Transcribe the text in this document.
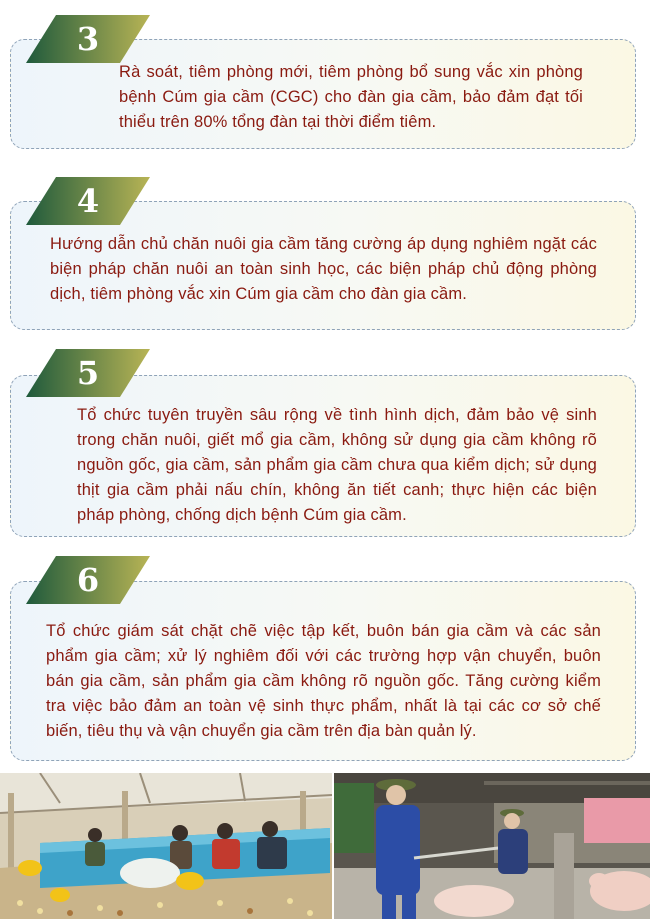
Rà soát, tiêm phòng mới, tiêm phòng bổ sung vắc xin phòng bệnh Cúm gia cầm (CGC) cho đàn gia cầm, bảo đảm đạt tối thiểu trên 80% tổng đàn tại thời điểm tiêm.

3

Hướng dẫn chủ chăn nuôi gia cầm tăng cường áp dụng nghiêm ngặt các biện pháp chăn nuôi an toàn sinh học, các biện pháp chủ động phòng dịch, tiêm phòng vắc xin Cúm gia cầm cho đàn gia cầm.

4

Tổ chức tuyên truyền sâu rộng về tình hình dịch, đảm bảo vệ sinh trong chăn nuôi, giết mổ gia cầm, không sử dụng gia cầm không rõ nguồn gốc, gia cầm, sản phẩm gia cầm chưa qua kiểm dịch; sử dụng thịt gia cầm phải nấu chín, không ăn tiết canh; thực hiện các biện pháp phòng, chống dịch bệnh Cúm gia cầm.

5

Tổ chức giám sát chặt chẽ việc tập kết, buôn bán gia cầm và các sản phẩm gia cầm; xử lý nghiêm đối với các trường hợp vận chuyển, buôn bán gia cầm, sản phẩm gia cầm không rõ nguồn gốc. Tăng cường kiểm tra việc bảo đảm an toàn vệ sinh thực phẩm, nhất là tại các cơ sở chế biến, tiêu thụ và vận chuyển gia cầm trên địa bàn quản lý.

6
